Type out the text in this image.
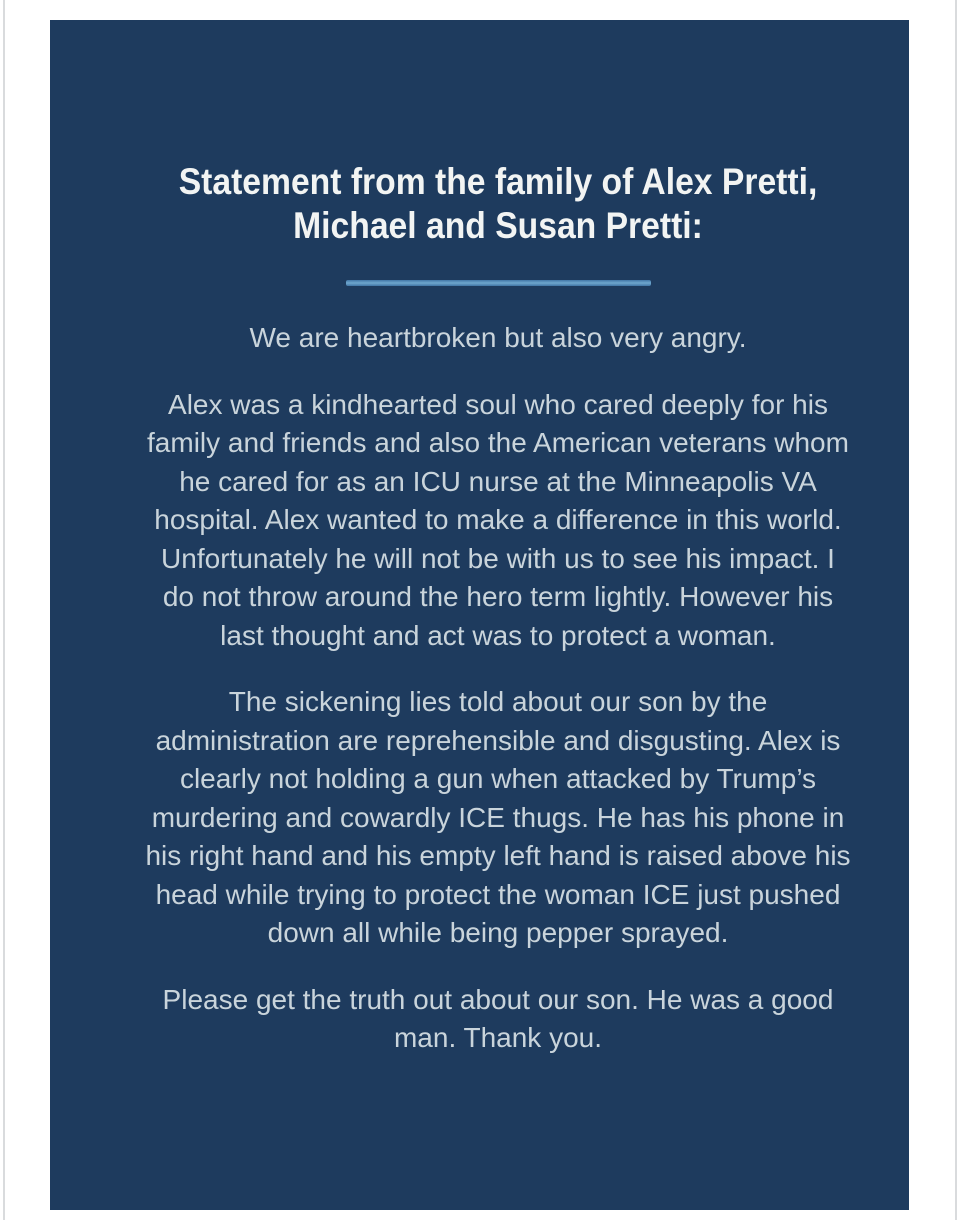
Statement from the family of Alex Pretti,
Michael and Susan Pretti:

We are heartbroken but also very angry.

Alex was a kindhearted soul who cared deeply for his
family and friends and also the American veterans whom
he cared for as an ICU nurse at the Minneapolis VA
hospital. Alex wanted to make a difference in this world.
Unfortunately he will not be with us to see his impact. I
do not throw around the hero term lightly. However his
last thought and act was to protect a woman.

The sickening lies told about our son by the
administration are reprehensible and disgusting. Alex is
clearly not holding a gun when attacked by Trump’s
murdering and cowardly ICE thugs. He has his phone in
his right hand and his empty left hand is raised above his
head while trying to protect the woman ICE just pushed
down all while being pepper sprayed.

Please get the truth out about our son. He was a good
man. Thank you.
